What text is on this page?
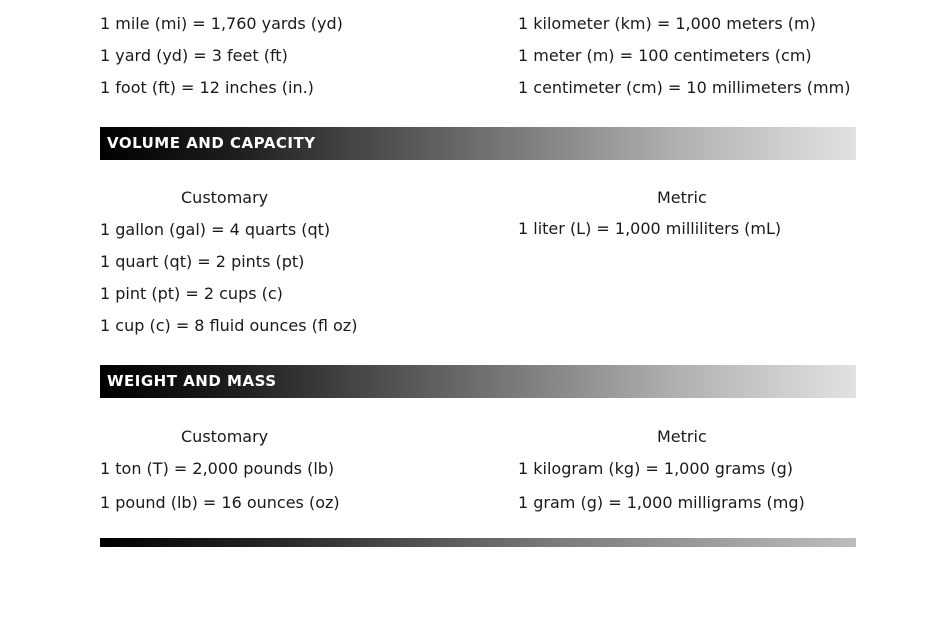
1 mile (mi) = 1,760 yards (yd)
1 yard (yd) = 3 feet (ft)
1 foot (ft) = 12 inches (in.)
1 kilometer (km) = 1,000 meters (m)
1 meter (m) = 100 centimeters (cm)
1 centimeter (cm) = 10 millimeters (mm)
VOLUME AND CAPACITY
Customary	Metric
1 gallon (gal) = 4 quarts (qt)
1 quart (qt) = 2 pints (pt)
1 pint (pt) = 2 cups (c)
1 cup (c) = 8 fluid ounces (fl oz)
1 liter (L) = 1,000 milliliters (mL)
WEIGHT AND MASS
Customary	Metric
1 ton (T) = 2,000 pounds (lb)
1 pound (lb) = 16 ounces (oz)
1 kilogram (kg) = 1,000 grams (g)
1 gram (g) = 1,000 milligrams (mg)
